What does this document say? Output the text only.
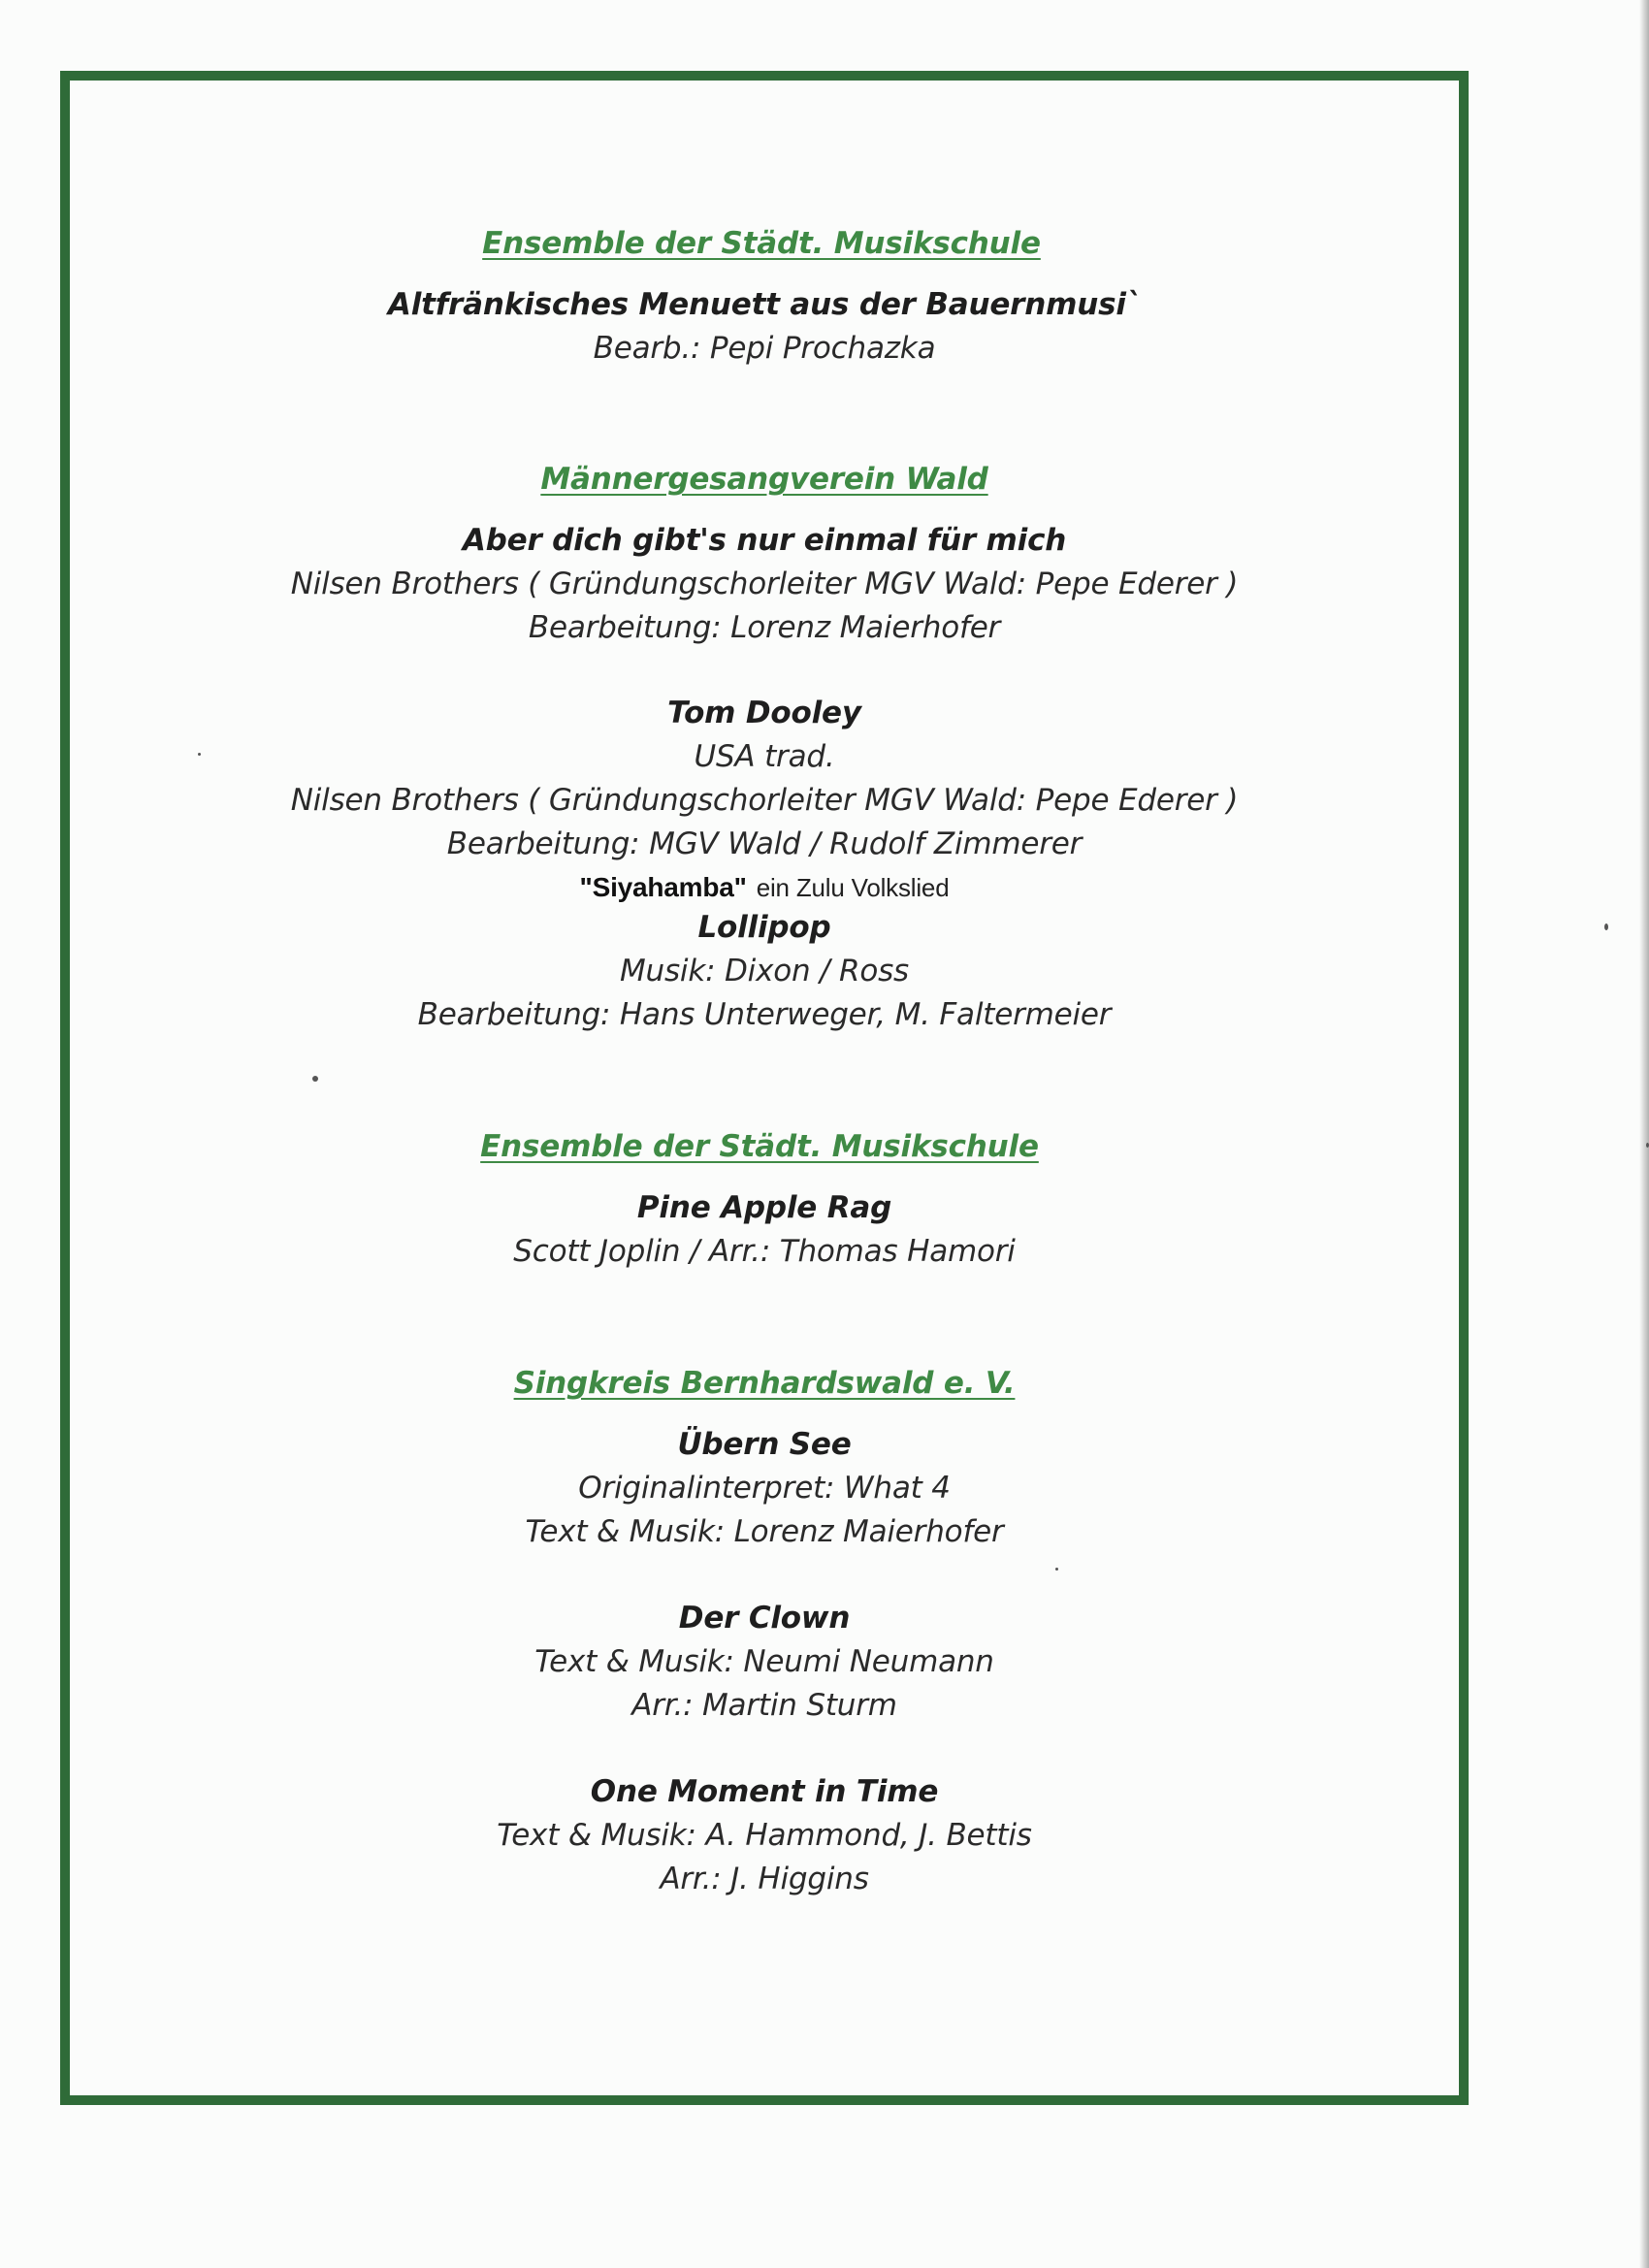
Ensemble der Städt. Musikschule
Altfränkisches Menuett aus der Bauernmusi`
Bearb.: Pepi Prochazka
Männergesangverein Wald
Aber dich gibt's nur einmal für mich
Nilsen Brothers ( Gründungschorleiter MGV Wald: Pepe Ederer )
Bearbeitung: Lorenz Maierhofer
Tom Dooley
USA trad.
Nilsen Brothers ( Gründungschorleiter MGV Wald: Pepe Ederer )
Bearbeitung: MGV Wald / Rudolf Zimmerer
"Siyahamba" ein Zulu Volkslied
Lollipop
Musik: Dixon / Ross
Bearbeitung: Hans Unterweger, M. Faltermeier
Ensemble der Städt. Musikschule
Pine Apple Rag
Scott Joplin / Arr.: Thomas Hamori
Singkreis Bernhardswald e. V.
Übern See
Originalinterpret: What 4
Text & Musik: Lorenz Maierhofer
Der Clown
Text & Musik: Neumi Neumann
Arr.: Martin Sturm
One Moment in Time
Text & Musik: A. Hammond, J. Bettis
Arr.: J. Higgins
